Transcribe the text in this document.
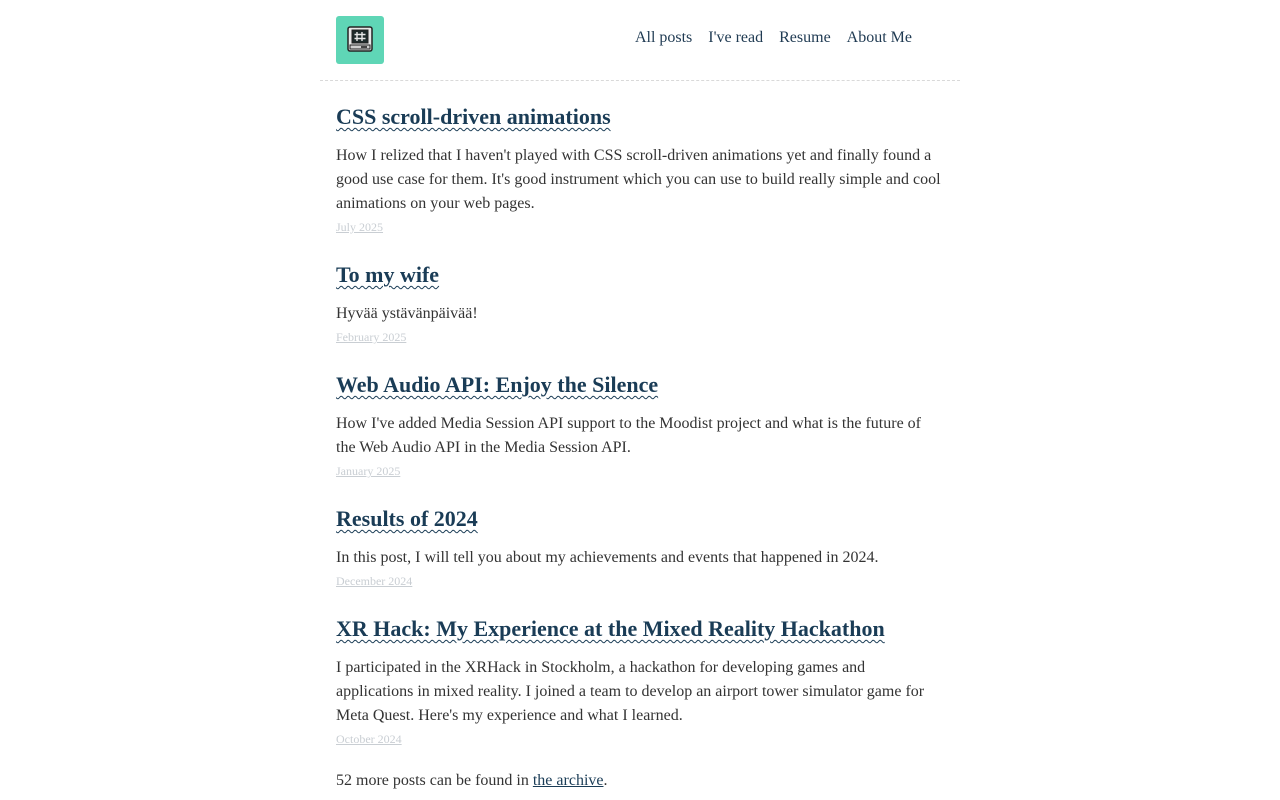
All posts I've read Resume About Me
CSS scroll-driven animations

How I relized that I haven't played with CSS scroll-driven animations yet and finally found a good use case for them. It's good instrument which you can use to build really simple and cool animations on your web pages.

July 2025
To my wife

Hyvää ystävänpäivää!

February 2025
Web Audio API: Enjoy the Silence

How I've added Media Session API support to the Moodist project and what is the future of the Web Audio API in the Media Session API.

January 2025
Results of 2024

In this post, I will tell you about my achievements and events that happened in 2024.

December 2024
XR Hack: My Experience at the Mixed Reality Hackathon

I participated in the XRHack in Stockholm, a hackathon for developing games and applications in mixed reality. I joined a team to develop an airport tower simulator game for Meta Quest. Here's my experience and what I learned.

October 2024
52 more posts can be found in the archive.
